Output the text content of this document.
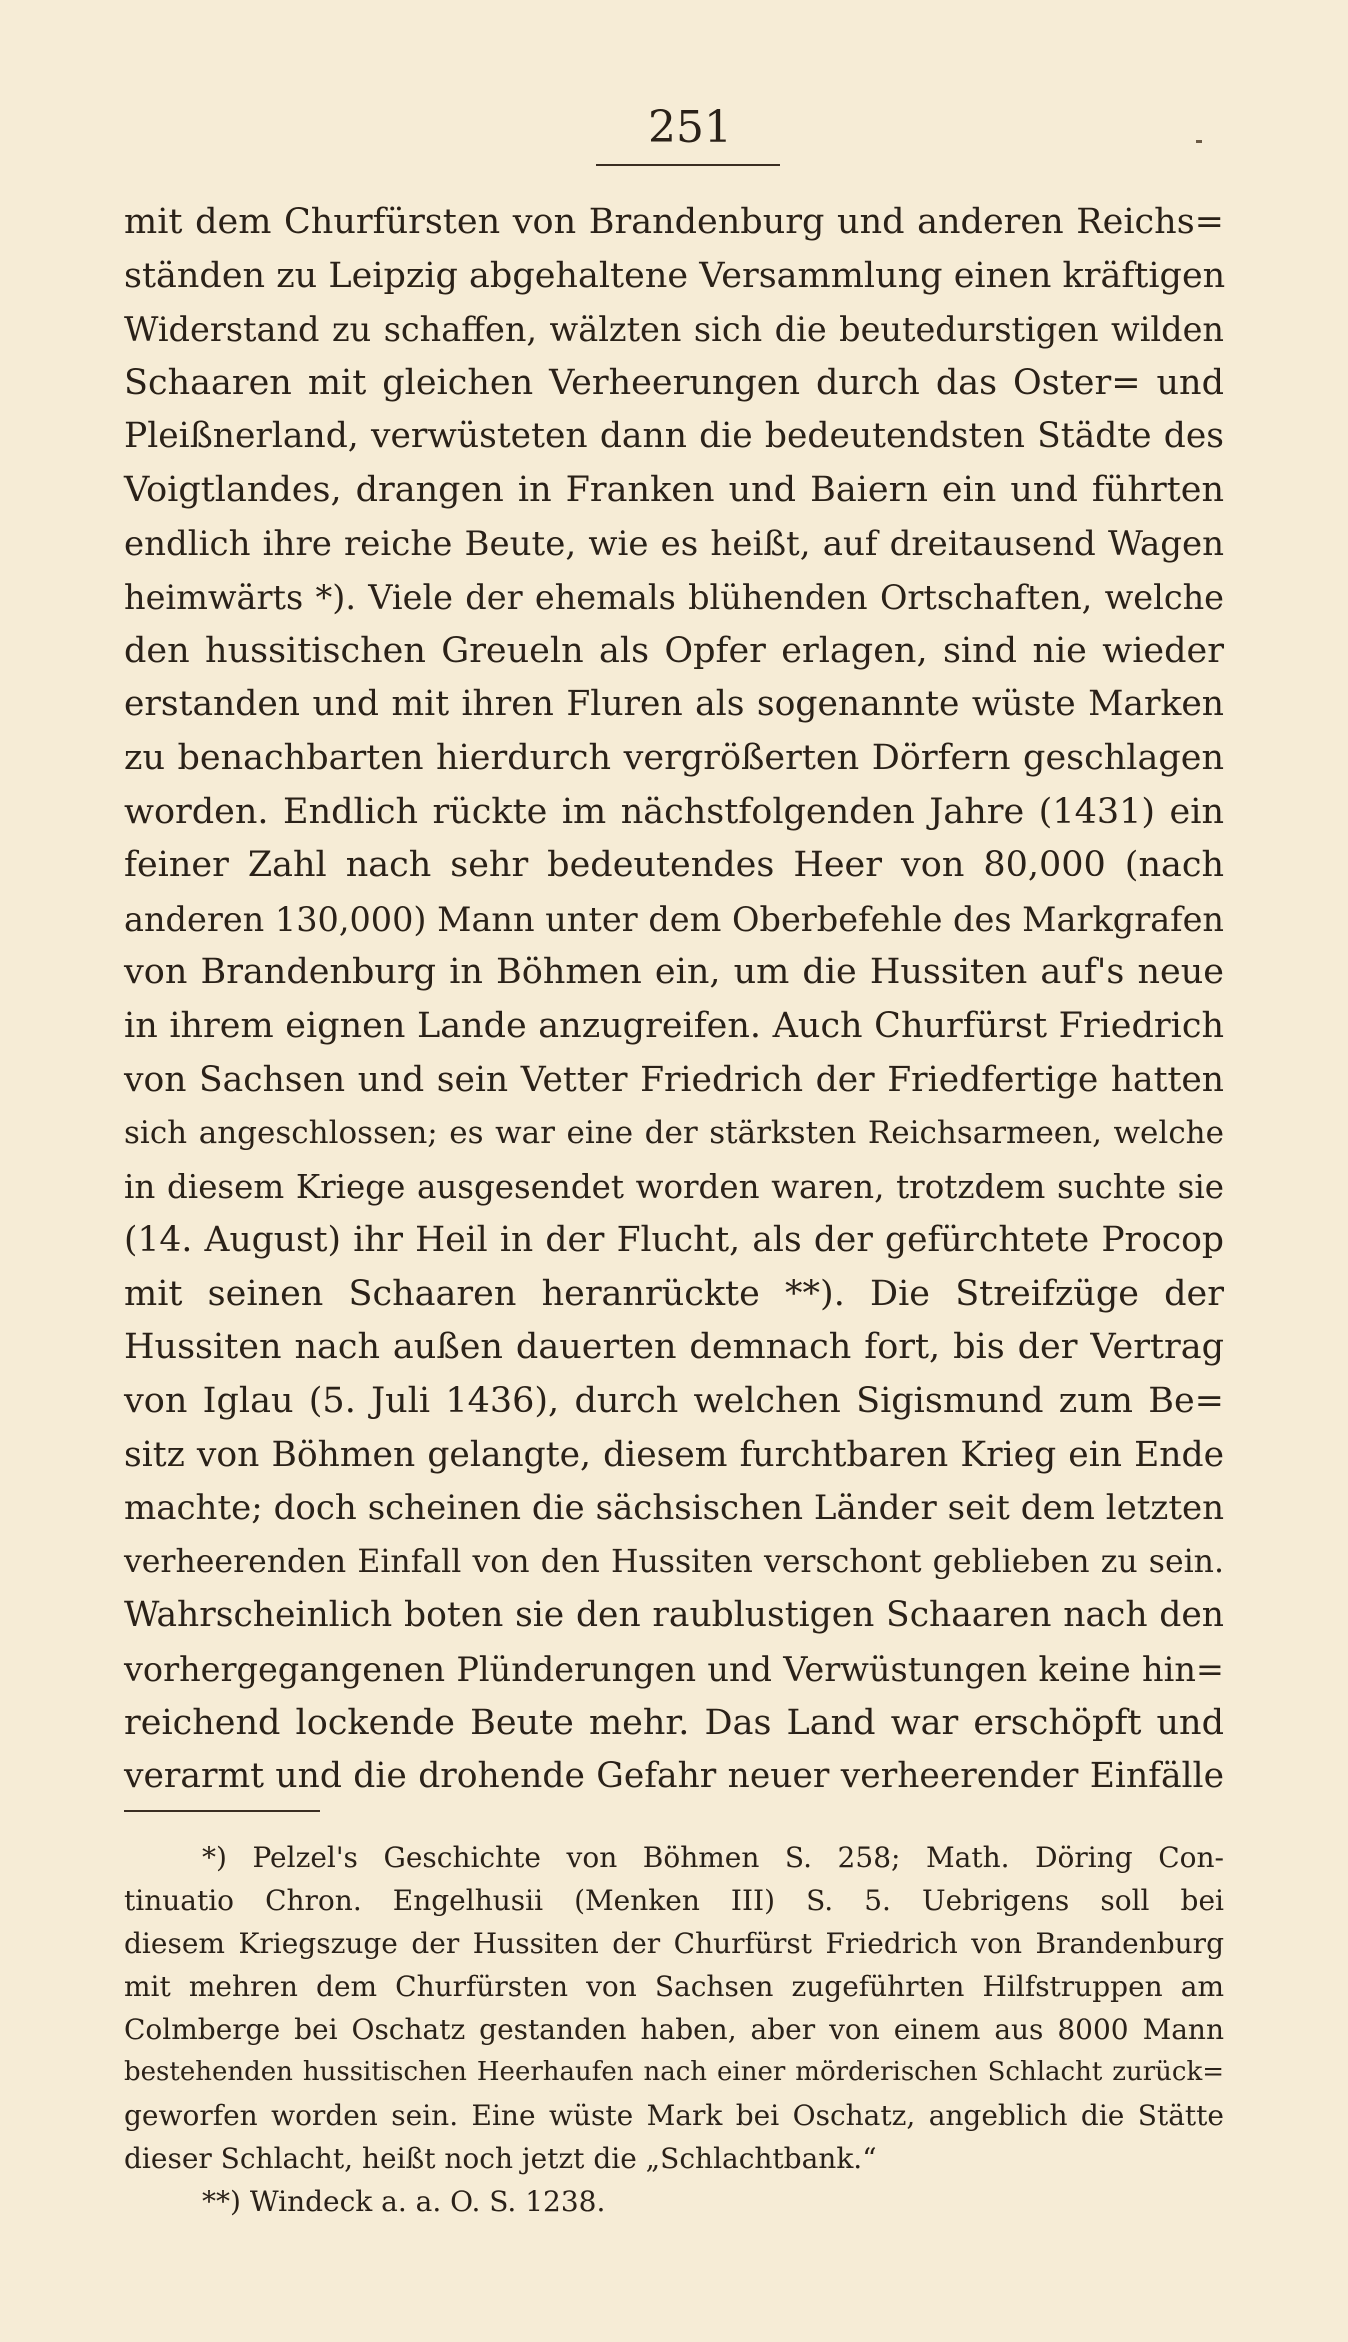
251
mit dem Churfürsten von Brandenburg und anderen Reichs=
ständen zu Leipzig abgehaltene Versammlung einen kräftigen
Widerstand zu schaffen, wälzten sich die beutedurstigen wilden
Schaaren mit gleichen Verheerungen durch das Oster= und
Pleißnerland, verwüsteten dann die bedeutendsten Städte des
Voigtlandes, drangen in Franken und Baiern ein und führten
endlich ihre reiche Beute, wie es heißt, auf dreitausend Wagen
heimwärts *). Viele der ehemals blühenden Ortschaften, welche
den hussitischen Greueln als Opfer erlagen, sind nie wieder
erstanden und mit ihren Fluren als sogenannte wüste Marken
zu benachbarten hierdurch vergrößerten Dörfern geschlagen
worden. Endlich rückte im nächstfolgenden Jahre (1431) ein
feiner Zahl nach sehr bedeutendes Heer von 80,000 (nach
anderen 130,000) Mann unter dem Oberbefehle des Markgrafen
von Brandenburg in Böhmen ein, um die Hussiten auf's neue
in ihrem eignen Lande anzugreifen. Auch Churfürst Friedrich
von Sachsen und sein Vetter Friedrich der Friedfertige hatten
sich angeschlossen; es war eine der stärksten Reichsarmeen, welche
in diesem Kriege ausgesendet worden waren, trotzdem suchte sie
(14. August) ihr Heil in der Flucht, als der gefürchtete Procop
mit seinen Schaaren heranrückte **). Die Streifzüge der
Hussiten nach außen dauerten demnach fort, bis der Vertrag
von Iglau (5. Juli 1436), durch welchen Sigismund zum Be=
sitz von Böhmen gelangte, diesem furchtbaren Krieg ein Ende
machte; doch scheinen die sächsischen Länder seit dem letzten
verheerenden Einfall von den Hussiten verschont geblieben zu sein.
Wahrscheinlich boten sie den raublustigen Schaaren nach den
vorhergegangenen Plünderungen und Verwüstungen keine hin=
reichend lockende Beute mehr. Das Land war erschöpft und
verarmt und die drohende Gefahr neuer verheerender Einfälle
*) Pelzel's Geschichte von Böhmen S. 258; Math. Döring Con-
tinuatio Chron. Engelhusii (Menken III) S. 5. Uebrigens soll bei
diesem Kriegszuge der Hussiten der Churfürst Friedrich von Brandenburg
mit mehren dem Churfürsten von Sachsen zugeführten Hilfstruppen am
Colmberge bei Oschatz gestanden haben, aber von einem aus 8000 Mann
bestehenden hussitischen Heerhaufen nach einer mörderischen Schlacht zurück=
geworfen worden sein. Eine wüste Mark bei Oschatz, angeblich die Stätte
dieser Schlacht, heißt noch jetzt die „Schlachtbank.“
**) Windeck a. a. O. S. 1238.
